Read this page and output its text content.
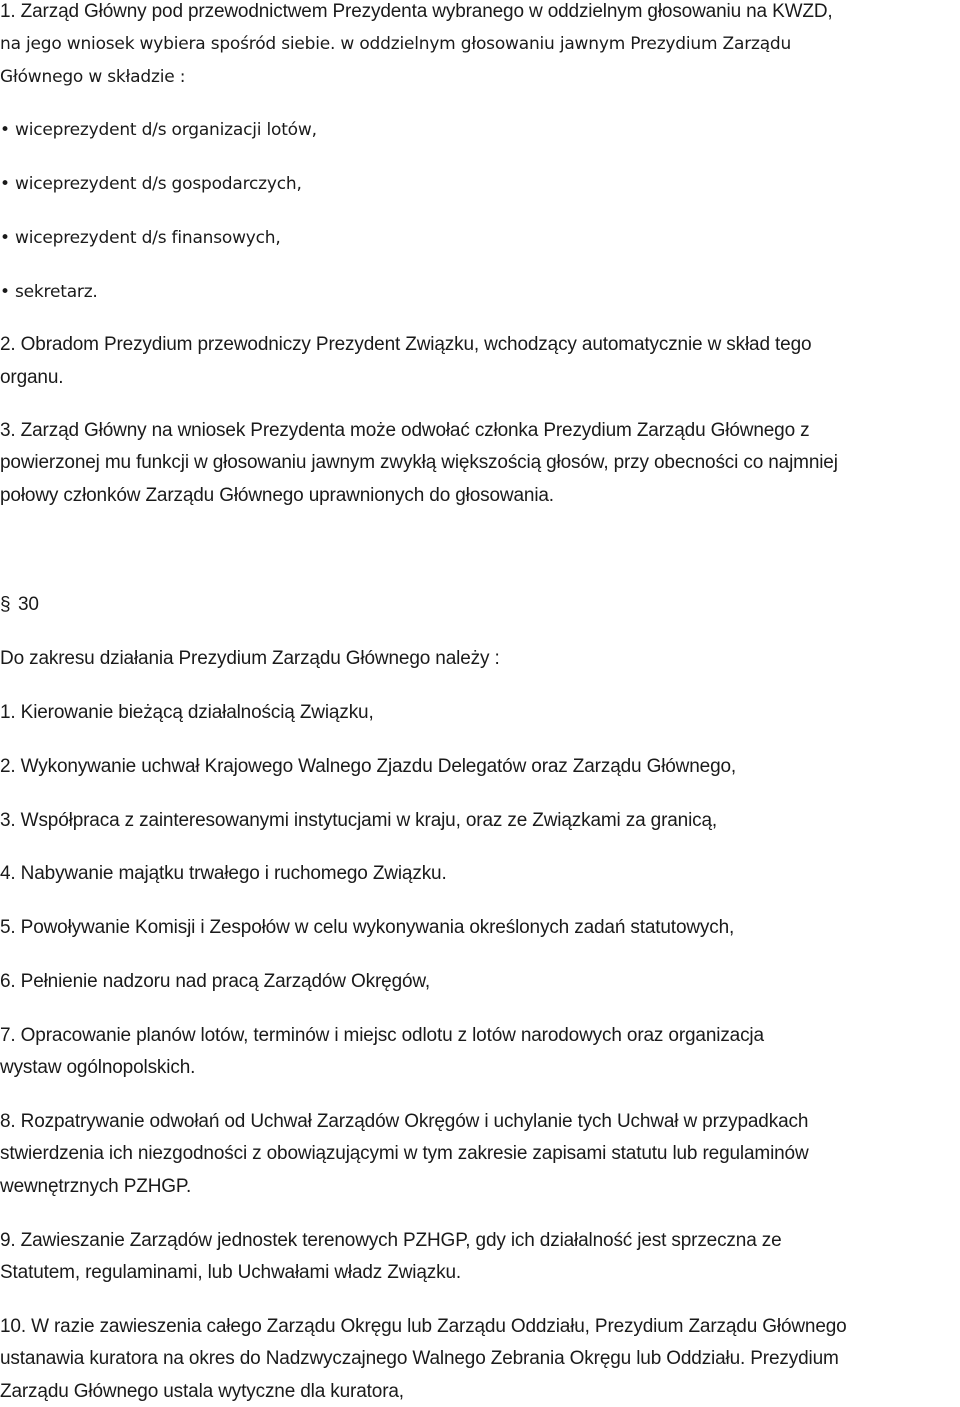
1. Zarząd Główny pod przewodnictwem Prezydenta wybranego w oddzielnym głosowaniu na KWZD,
na jego wniosek wybiera spośród siebie. w oddzielnym głosowaniu jawnym Prezydium Zarządu
Głównego w składzie :
• wiceprezydent d/s organizacji lotów,
• wiceprezydent d/s gospodarczych,
• wiceprezydent d/s finansowych,
• sekretarz.
2. Obradom Prezydium przewodniczy Prezydent Związku, wchodzący automatycznie w skład tego
organu.
3. Zarząd Główny na wniosek Prezydenta może odwołać członka Prezydium Zarządu Głównego z
powierzonej mu funkcji w głosowaniu jawnym zwykłą większością głosów, przy obecności co najmniej
połowy członków Zarządu Głównego uprawnionych do głosowania.
§ 30
Do zakresu działania Prezydium Zarządu Głównego należy :
1. Kierowanie bieżącą działalnością Związku,
2. Wykonywanie uchwał Krajowego Walnego Zjazdu Delegatów oraz Zarządu Głównego,
3. Współpraca z zainteresowanymi instytucjami w kraju, oraz ze Związkami za granicą,
4. Nabywanie majątku trwałego i ruchomego Związku.
5. Powoływanie Komisji i Zespołów w celu wykonywania określonych zadań statutowych,
6. Pełnienie nadzoru nad pracą Zarządów Okręgów,
7. Opracowanie planów lotów, terminów i miejsc odlotu z lotów narodowych oraz organizacja
wystaw ogólnopolskich.
8. Rozpatrywanie odwołań od Uchwał Zarządów Okręgów i uchylanie tych Uchwał w przypadkach
stwierdzenia ich niezgodności z obowiązującymi w tym zakresie zapisami statutu lub regulaminów
wewnętrznych PZHGP.
9. Zawieszanie Zarządów jednostek terenowych PZHGP, gdy ich działalność jest sprzeczna ze
Statutem, regulaminami, lub Uchwałami władz Związku.
10. W razie zawieszenia całego Zarządu Okręgu lub Zarządu Oddziału, Prezydium Zarządu Głównego
ustanawia kuratora na okres do Nadzwyczajnego Walnego Zebrania Okręgu lub Oddziału. Prezydium
Zarządu Głównego ustala wytyczne dla kuratora,
